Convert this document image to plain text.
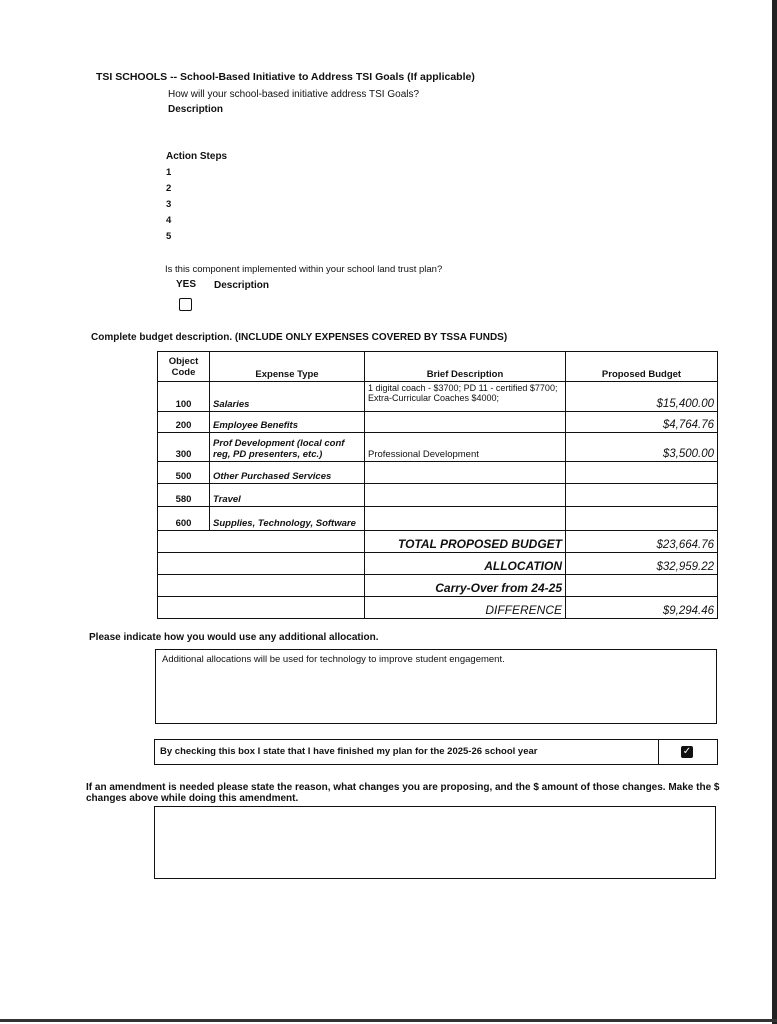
TSI SCHOOLS -- School-Based Initiative to Address TSI Goals (If applicable)
How will your school-based initiative address TSI Goals?
Description
Action Steps
1
2
3
4
5
Is this component implemented within your school land trust plan?
YES Description
Complete budget description. (INCLUDE ONLY EXPENSES COVERED BY TSSA FUNDS)
Object Code	Expense Type	Brief Description	Proposed Budget
100	Salaries	1 digital coach - $3700; PD 11 - certified $7700; Extra-Curricular Coaches $4000;	$15,400.00
200	Employee Benefits		$4,764.76
300	Prof Development (local conf reg, PD presenters, etc.)	Professional Development	$3,500.00
500	Other Purchased Services		
580	Travel		
600	Supplies, Technology, Software		
		TOTAL PROPOSED BUDGET	$23,664.76
		ALLOCATION	$32,959.22
		Carry-Over from 24-25	
		DIFFERENCE	$9,294.46
Please indicate how you would use any additional allocation.
Additional allocations will be used for technology to improve student engagement.
By checking this box I state that I have finished my plan for the 2025-26 school year	✓
If an amendment is needed please state the reason, what changes you are proposing, and the $ amount of those changes. Make the $ changes above while doing this amendment.
